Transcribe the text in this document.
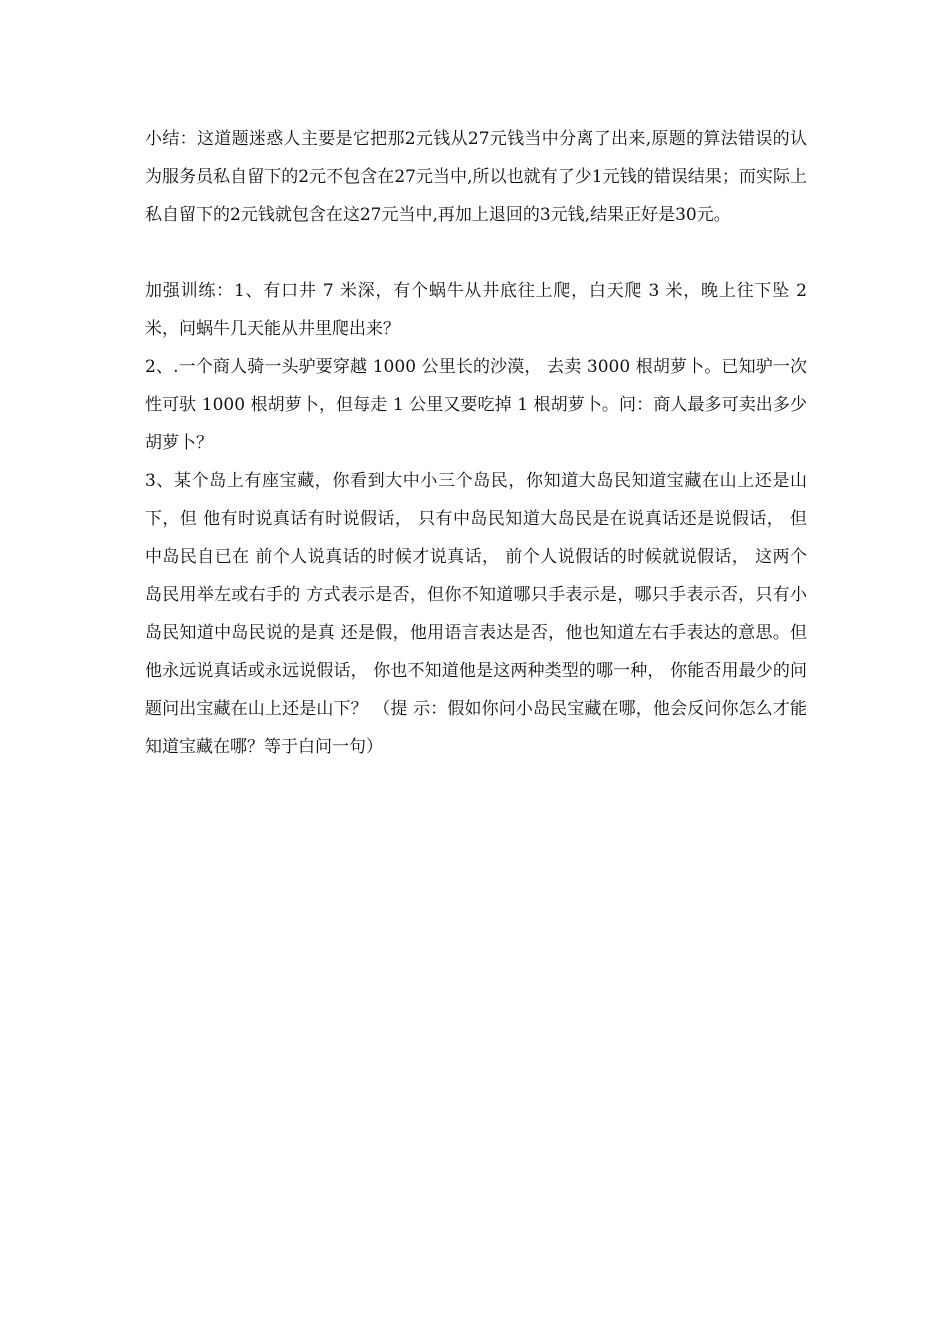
小结：这道题迷惑人主要是它把那2元钱从27元钱当中分离了出来,原题的算法错误的认为服务员私自留下的2元不包含在27元当中,所以也就有了少1元钱的错误结果；而实际上私自留下的2元钱就包含在这27元当中,再加上退回的3元钱,结果正好是30元。

加强训练：1、有口井 7 米深，有个蜗牛从井底往上爬，白天爬 3 米，晚上往下坠 2 米，问蜗牛几天能从井里爬出来？

2、.一个商人骑一头驴要穿越 1000 公里长的沙漠， 去卖 3000 根胡萝卜。已知驴一次性可驮 1000 根胡萝卜，但每走 1 公里又要吃掉 1 根胡萝卜。问：商人最多可卖出多少胡萝卜？

3、某个岛上有座宝藏，你看到大中小三个岛民，你知道大岛民知道宝藏在山上还是山下，但 他有时说真话有时说假话， 只有中岛民知道大岛民是在说真话还是说假话， 但中岛民自已在 前个人说真话的时候才说真话， 前个人说假话的时候就说假话， 这两个岛民用举左或右手的 方式表示是否，但你不知道哪只手表示是，哪只手表示否，只有小岛民知道中岛民说的是真 还是假，他用语言表达是否，他也知道左右手表达的意思。但他永远说真话或永远说假话， 你也不知道他是这两种类型的哪一种， 你能否用最少的问题问出宝藏在山上还是山下？ （提 示：假如你问小岛民宝藏在哪，他会反问你怎么才能知道宝藏在哪？等于白问一句）
